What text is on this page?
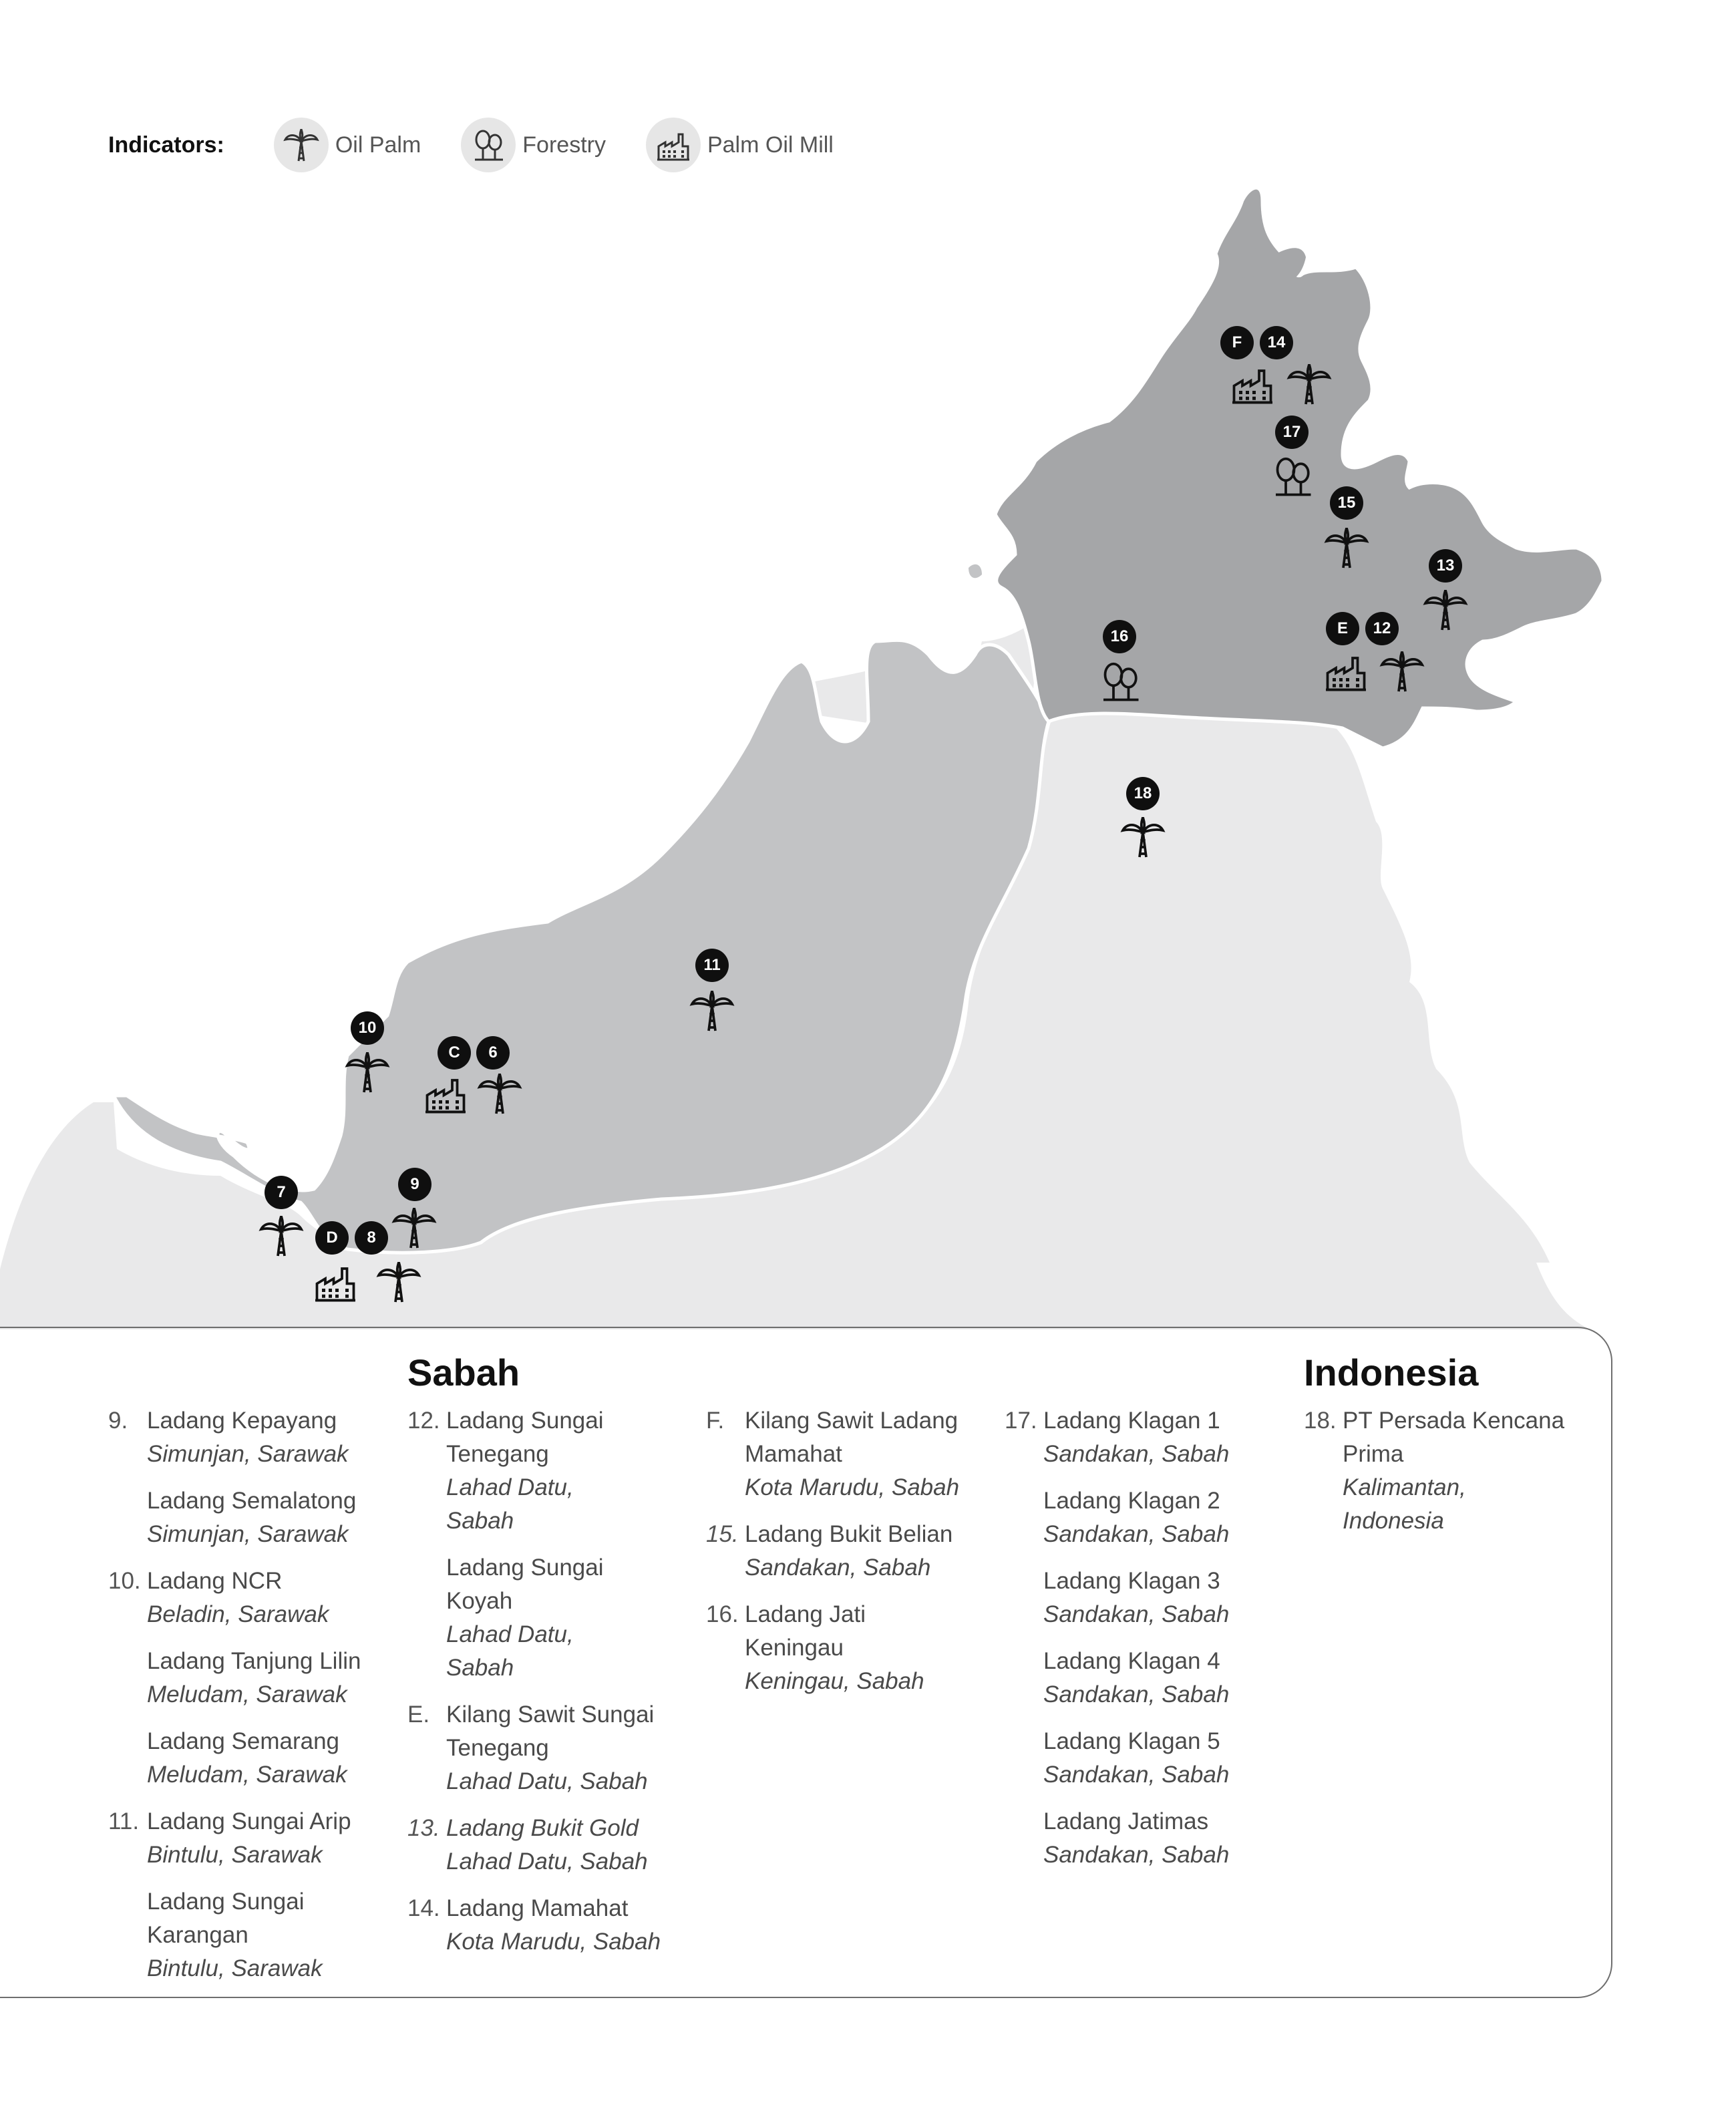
Indicators:	Oil Palm	Forestry	Palm Oil Mill
F	14
17
15
13
E	12
16
18
11
10
C	6
9
7
D	8
Sabah	Indonesia
9. Ladang Kepayang
Simunjan, Sarawak
Ladang Semalatong
Simunjan, Sarawak
10. Ladang NCR
Beladin, Sarawak
Ladang Tanjung Lilin
Meludam, Sarawak
Ladang Semarang
Meludam, Sarawak
11. Ladang Sungai Arip
Bintulu, Sarawak
Ladang Sungai Karangan
Bintulu, Sarawak
12. Ladang Sungai Tenegang
Lahad Datu, Sabah
Ladang Sungai Koyah
Lahad Datu, Sabah
E. Kilang Sawit Sungai Tenegang
Lahad Datu, Sabah
13. Ladang Bukit Gold
Lahad Datu, Sabah
14. Ladang Mamahat
Kota Marudu, Sabah
F. Kilang Sawit Ladang Mamahat
Kota Marudu, Sabah
15. Ladang Bukit Belian
Sandakan, Sabah
16. Ladang Jati Keningau
Keningau, Sabah
17. Ladang Klagan 1
Sandakan, Sabah
Ladang Klagan 2
Sandakan, Sabah
Ladang Klagan 3
Sandakan, Sabah
Ladang Klagan 4
Sandakan, Sabah
Ladang Klagan 5
Sandakan, Sabah
Ladang Jatimas
Sandakan, Sabah
18. PT Persada Kencana Prima
Kalimantan, Indonesia
